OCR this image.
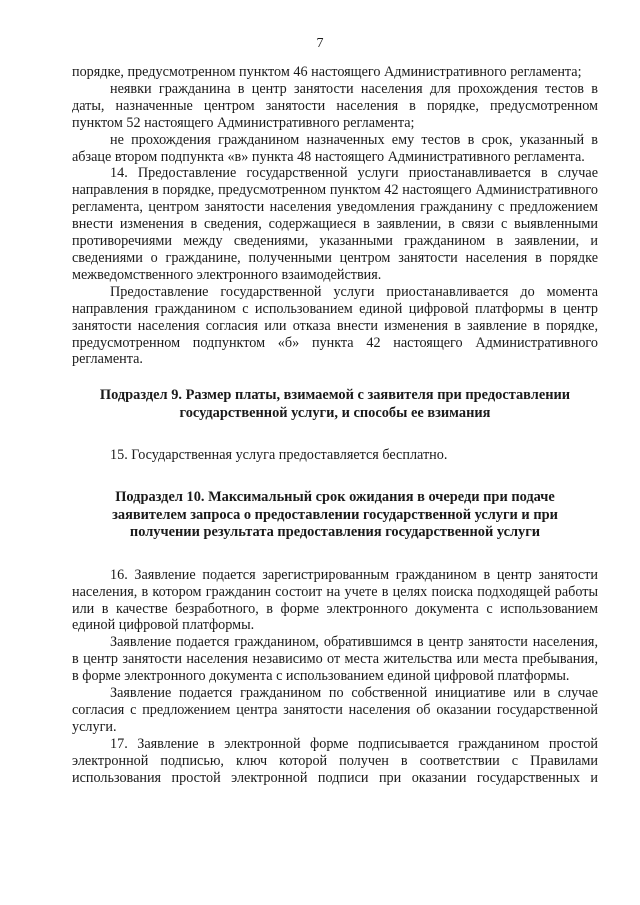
7

порядке, предусмотренном пунктом 46 настоящего Административного регламента;

неявки гражданина в центр занятости населения для прохождения тестов в даты, назначенные центром занятости населения в порядке, предусмотренном пунктом 52 настоящего Административного регламента;

не прохождения гражданином назначенных ему тестов в срок, указанный в абзаце втором подпункта «в» пункта 48 настоящего Административного регламента.

14. Предоставление государственной услуги приостанавливается в случае направления в порядке, предусмотренном пунктом 42 настоящего Административного регламента, центром занятости населения уведомления гражданину с предложением внести изменения в сведения, содержащиеся в заявлении, в связи с выявленными противоречиями между сведениями, указанными гражданином в заявлении, и сведениями о гражданине, полученными центром занятости населения в порядке межведомственного электронного взаимодействия.

Предоставление государственной услуги приостанавливается до момента направления гражданином с использованием единой цифровой платформы в центр занятости населения согласия или отказа внести изменения в заявление в порядке, предусмотренном подпунктом «б» пункта 42 настоящего Административного регламента.

Подраздел 9. Размер платы, взимаемой с заявителя при предоставлении
государственной услуги, и способы ее взимания

15. Государственная услуга предоставляется бесплатно.

Подраздел 10. Максимальный срок ожидания в очереди при подаче
заявителем запроса о предоставлении государственной услуги и при
получении результата предоставления государственной услуги

16. Заявление подается зарегистрированным гражданином в центр занятости населения, в котором гражданин состоит на учете в целях поиска подходящей работы или в качестве безработного, в форме электронного документа с использованием единой цифровой платформы.

Заявление подается гражданином, обратившимся в центр занятости населения, в центр занятости населения независимо от места жительства или места пребывания, в форме электронного документа с использованием единой цифровой платформы.

Заявление подается гражданином по собственной инициативе или в случае согласия с предложением центра занятости населения об оказании государственной услуги.

17. Заявление в электронной форме подписывается гражданином простой электронной подписью, ключ которой получен в соответствии с Правилами использования простой электронной подписи при оказании государственных и
